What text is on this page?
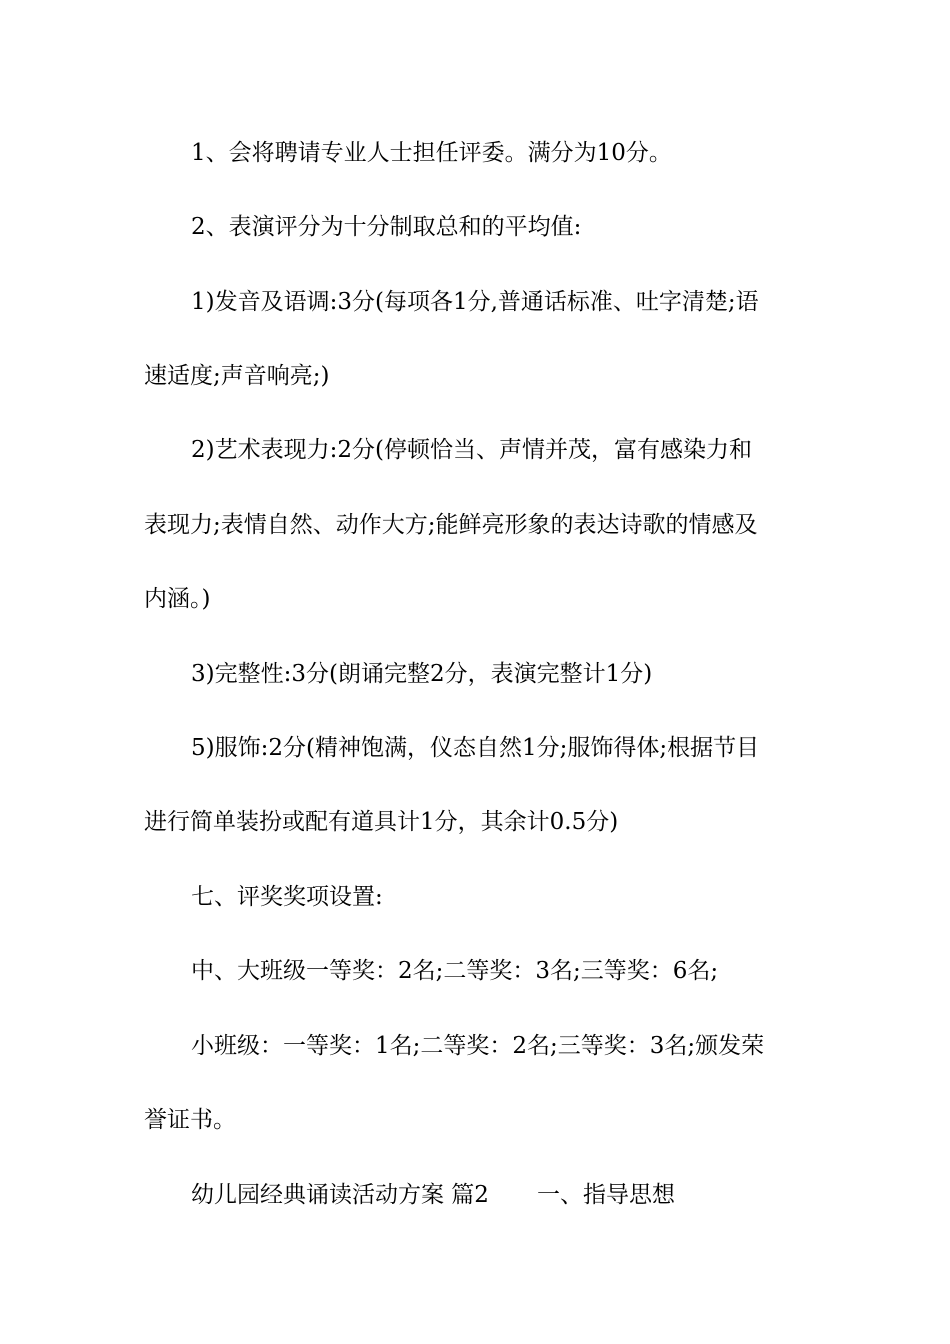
1、会将聘请专业人士担任评委。满分为10分。
2、表演评分为十分制取总和的平均值:
1)发音及语调:3分(每项各1分,普通话标准、吐字清楚;语
速适度;声音响亮;)
2)艺术表现力:2分(停顿恰当、声情并茂，富有感染力和
表现力;表情自然、动作大方;能鲜亮形象的表达诗歌的情感及
内涵。)
3)完整性:3分(朗诵完整2分，表演完整计1分)
5)服饰:2分(精神饱满，仪态自然1分;服饰得体;根据节目
进行简单装扮或配有道具计1分，其余计0.5分)
七、评奖奖项设置:
中、大班级一等奖：2名;二等奖：3名;三等奖：6名;
小班级：一等奖：1名;二等奖：2名;三等奖：3名;颁发荣
誉证书。
幼儿园经典诵读活动方案 篇2 一、指导思想
